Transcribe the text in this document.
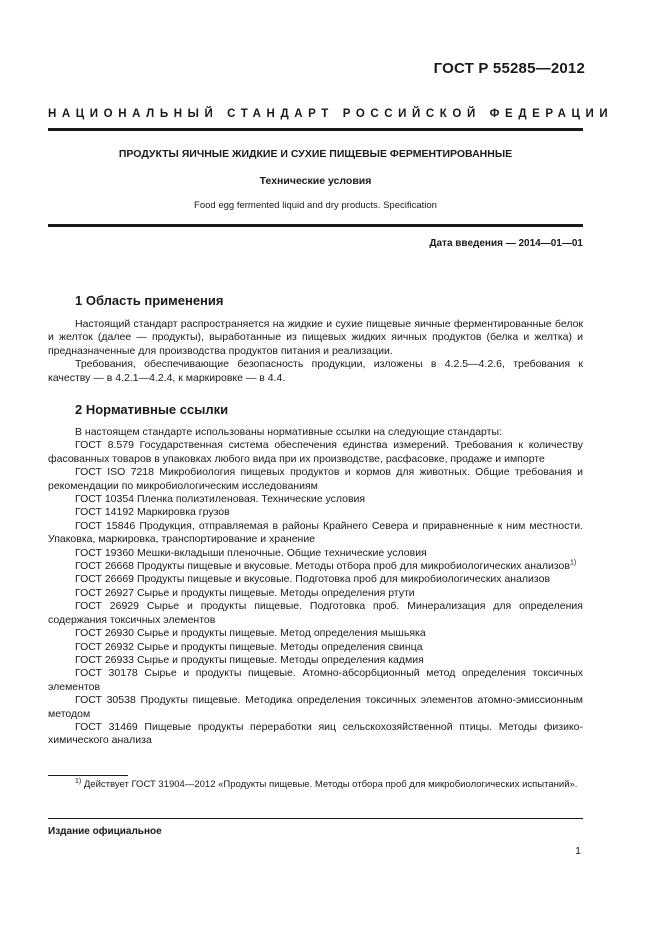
ГОСТ Р 55285—2012
НАЦИОНАЛЬНЫЙ СТАНДАРТ РОССИЙСКОЙ ФЕДЕРАЦИИ
ПРОДУКТЫ ЯИЧНЫЕ ЖИДКИЕ И СУХИЕ ПИЩЕВЫЕ ФЕРМЕНТИРОВАННЫЕ
Технические условия
Food egg fermented liquid and dry products. Specification
Дата введения — 2014—01—01
1 Область применения

Настоящий стандарт распространяется на жидкие и сухие пищевые яичные ферментированные белок и желток (далее — продукты), выработанные из пищевых жидких яичных продуктов (белка и желтка) и предназначенные для производства продуктов питания и реализации.

Требования, обеспечивающие безопасность продукции, изложены в 4.2.5—4.2.6, требования к качеству — в 4.2.1—4.2.4, к маркировке — в 4.4.

2 Нормативные ссылки

В настоящем стандарте использованы нормативные ссылки на следующие стандарты:

ГОСТ 8.579 Государственная система обеспечения единства измерений. Требования к количеству фасованных товаров в упаковках любого вида при их производстве, расфасовке, продаже и импорте

ГОСТ ISO 7218 Микробиология пищевых продуктов и кормов для животных. Общие требования и рекомендации по микробиологическим исследованиям

ГОСТ 10354 Пленка полиэтиленовая. Технические условия

ГОСТ 14192 Маркировка грузов

ГОСТ 15846 Продукция, отправляемая в районы Крайнего Севера и приравненные к ним местности. Упаковка, маркировка, транспортирование и хранение

ГОСТ 19360 Мешки-вкладыши пленочные. Общие технические условия

ГОСТ 26668 Продукты пищевые и вкусовые. Методы отбора проб для микробиологических анализов$^{1)}$

ГОСТ 26669 Продукты пищевые и вкусовые. Подготовка проб для микробиологических анализов

ГОСТ 26927 Сырье и продукты пищевые. Методы определения ртути

ГОСТ 26929 Сырье и продукты пищевые. Подготовка проб. Минерализация для определения содержания токсичных элементов

ГОСТ 26930 Сырье и продукты пищевые. Метод определения мышьяка

ГОСТ 26932 Сырье и продукты пищевые. Методы определения свинца

ГОСТ 26933 Сырье и продукты пищевые. Методы определения кадмия

ГОСТ 30178 Сырье и продукты пищевые. Атомно-абсорбционный метод определения токсичных элементов

ГОСТ 30538 Продукты пищевые. Методика определения токсичных элементов атомно-эмиссионным методом

ГОСТ 31469 Пищевые продукты переработки яиц сельскохозяйственной птицы. Методы физико-химического анализа

$^{1)}$ Действует ГОСТ 31904—2012 «Продукты пищевые. Методы отбора проб для микробиологических испытаний».

Издание официальное
1
